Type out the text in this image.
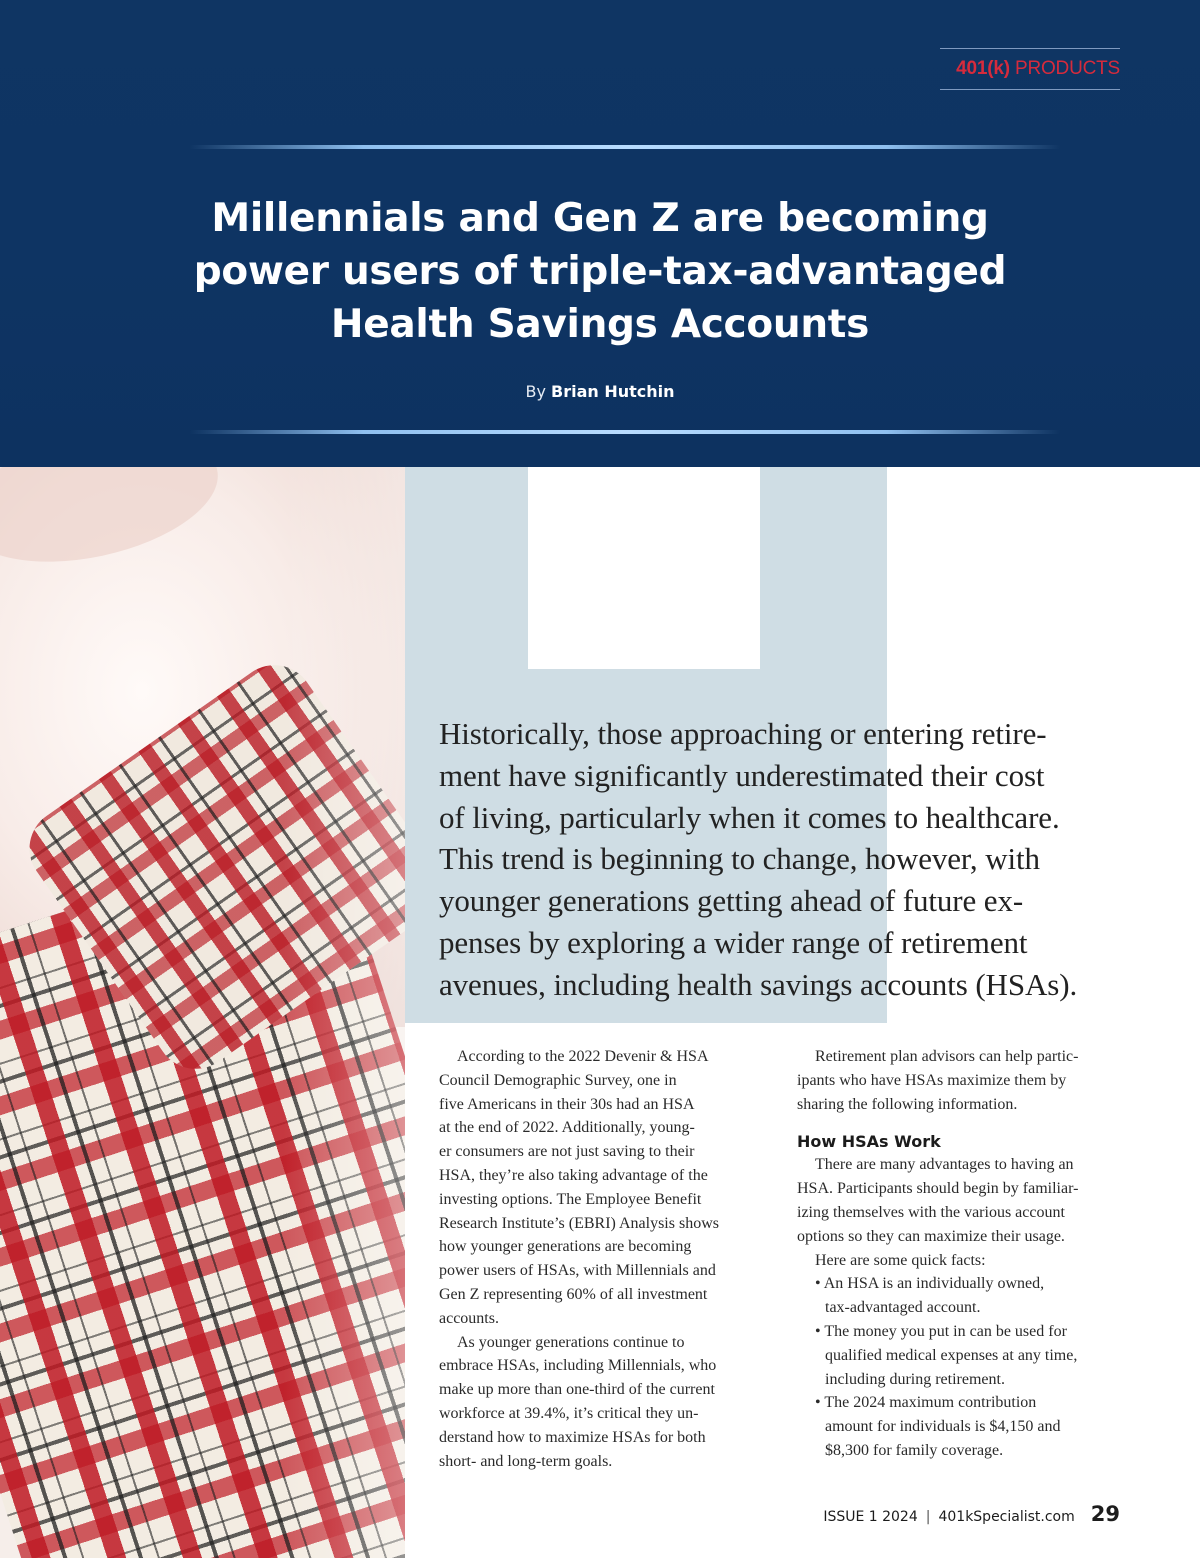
401(k) PRODUCTS
Millennials and Gen Z are becoming
power users of triple-tax-advantaged
Health Savings Accounts
By Brian Hutchin
Historically, those approaching or entering retire-
ment have significantly underestimated their cost
of living, particularly when it comes to healthcare.
This trend is beginning to change, however, with
younger generations getting ahead of future ex-
penses by exploring a wider range of retirement
avenues, including health savings accounts (HSAs).
According to the 2022 Devenir & HSA
Council Demographic Survey, one in
five Americans in their 30s had an HSA
at the end of 2022. Additionally, young-
er consumers are not just saving to their
HSA, they’re also taking advantage of the
investing options. The Employee Benefit
Research Institute’s (EBRI) Analysis shows
how younger generations are becoming
power users of HSAs, with Millennials and
Gen Z representing 60% of all investment
accounts.
As younger generations continue to
embrace HSAs, including Millennials, who
make up more than one-third of the current
workforce at 39.4%, it’s critical they un-
derstand how to maximize HSAs for both
short- and long-term goals.
Retirement plan advisors can help partic-
ipants who have HSAs maximize them by
sharing the following information.
How HSAs Work
There are many advantages to having an
HSA. Participants should begin by familiar-
izing themselves with the various account
options so they can maximize their usage.
Here are some quick facts:
• An HSA is an individually owned,
tax-advantaged account.
• The money you put in can be used for
qualified medical expenses at any time,
including during retirement.
• The 2024 maximum contribution
amount for individuals is $4,150 and
$8,300 for family coverage.
ISSUE 1 2024 | 401kSpecialist.com 29
